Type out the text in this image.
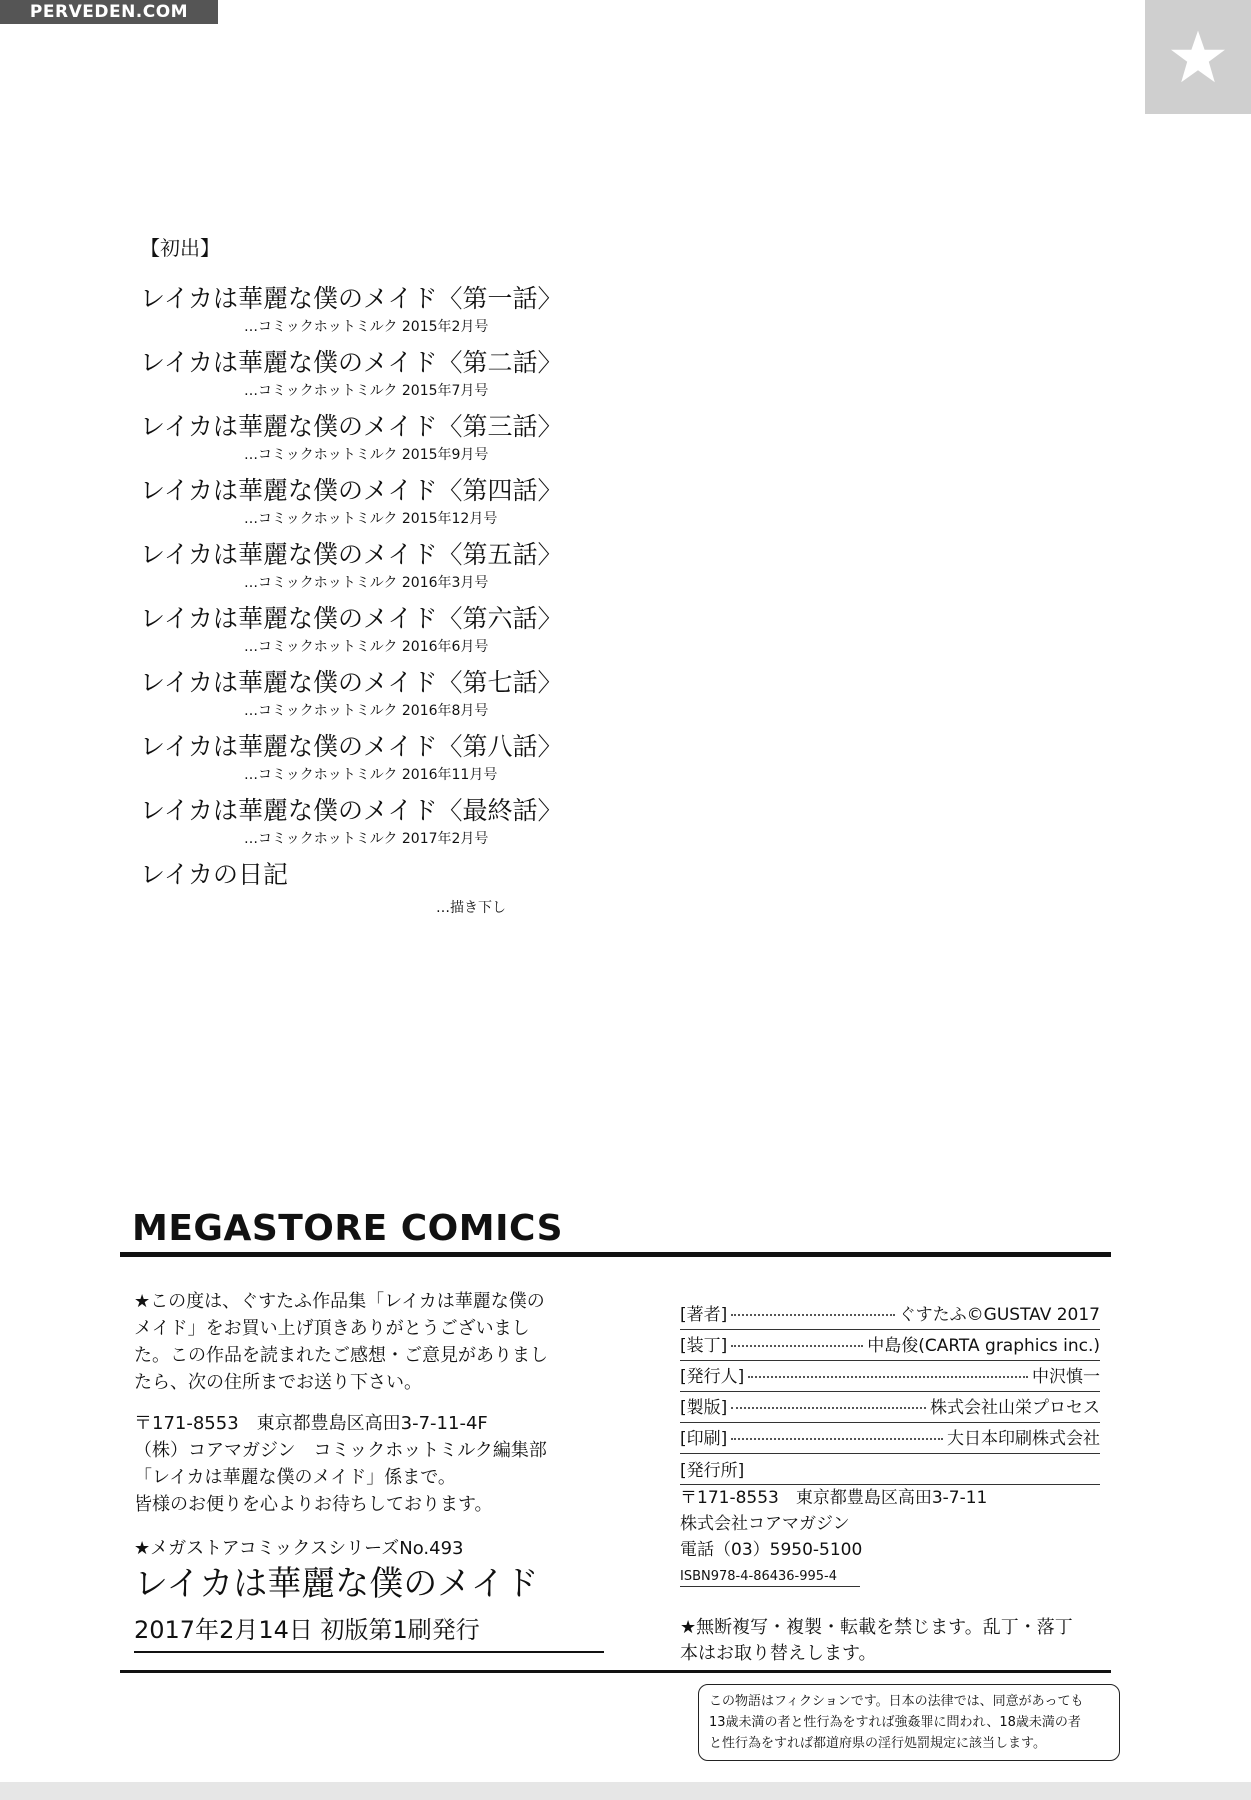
PERVEDEN.COM
【初出】
レイカは華麗な僕のメイド〈第一話〉
…コミックホットミルク 2015年2月号
レイカは華麗な僕のメイド〈第二話〉
…コミックホットミルク 2015年7月号
レイカは華麗な僕のメイド〈第三話〉
…コミックホットミルク 2015年9月号
レイカは華麗な僕のメイド〈第四話〉
…コミックホットミルク 2015年12月号
レイカは華麗な僕のメイド〈第五話〉
…コミックホットミルク 2016年3月号
レイカは華麗な僕のメイド〈第六話〉
…コミックホットミルク 2016年6月号
レイカは華麗な僕のメイド〈第七話〉
…コミックホットミルク 2016年8月号
レイカは華麗な僕のメイド〈第八話〉
…コミックホットミルク 2016年11月号
レイカは華麗な僕のメイド〈最終話〉
…コミックホットミルク 2017年2月号
レイカの日記
…描き下し
MEGASTORE COMICS
★この度は、ぐすたふ作品集「レイカは華麗な僕の
メイド」をお買い上げ頂きありがとうございまし
た。この作品を読まれたご感想・ご意見がありまし
たら、次の住所までお送り下さい。
〒171-8553　東京都豊島区高田3-7-11-4F
（株）コアマガジン　コミックホットミルク編集部
「レイカは華麗な僕のメイド」係まで。
皆様のお便りを心よりお待ちしております。
★メガストアコミックスシリーズNo.493
レイカは華麗な僕のメイド
2017年2月14日 初版第1刷発行
[著者]	ぐすたふ©GUSTAV 2017
[装丁]	中島俊(CARTA graphics inc.)
[発行人]	中沢慎一
[製版]	株式会社山栄プロセス
[印刷]	大日本印刷株式会社
[発行所]
〒171-8553　東京都豊島区高田3-7-11
株式会社コアマガジン
電話（03）5950-5100
ISBN978-4-86436-995-4
★無断複写・複製・転載を禁じます。乱丁・落丁
本はお取り替えします。
この物語はフィクションです。日本の法律では、同意があっても
13歳未満の者と性行為をすれば強姦罪に問われ、18歳未満の者
と性行為をすれば都道府県の淫行処罰規定に該当します。
